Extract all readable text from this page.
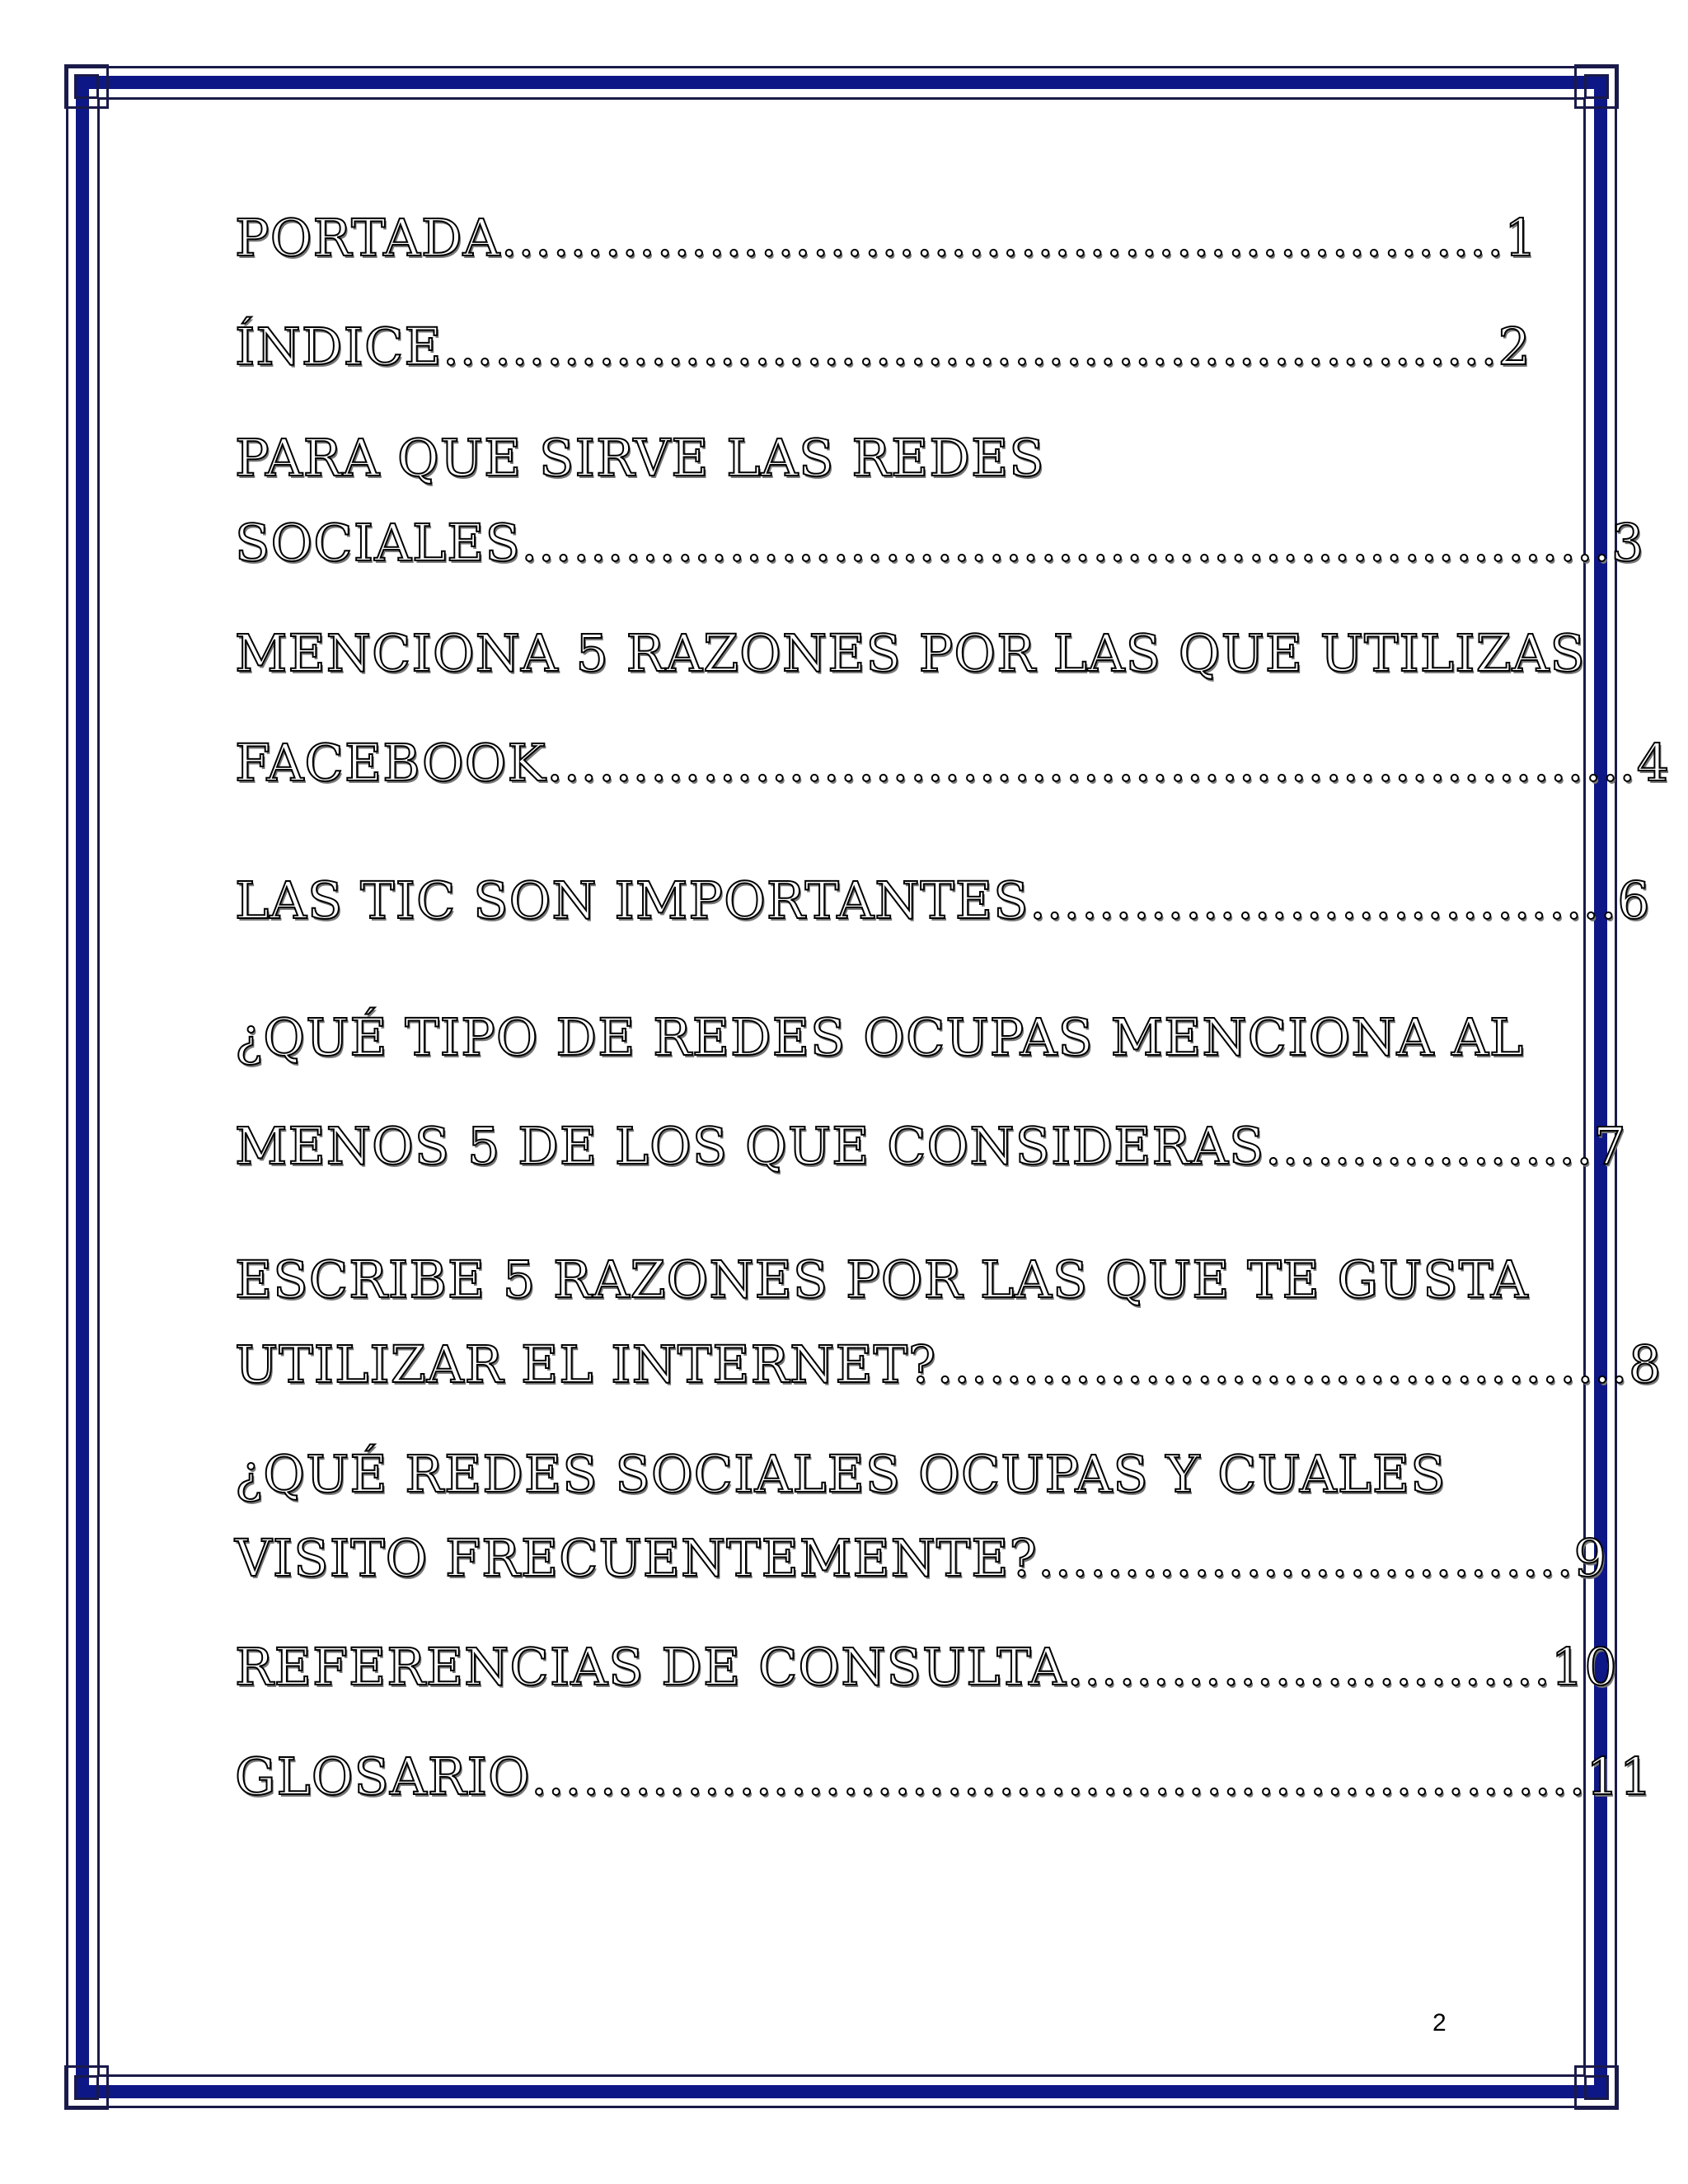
PORTADA………………………………………………….1
ÍNDICE…………………………………………………….2
PARA QUE SIRVE LAS REDES
SOCIALES………………………………………………………3
MENCIONA 5 RAZONES POR LAS QUE UTILIZAS
FACEBOOK………………………………………………………4
LAS TIC SON IMPORTANTES…………………………….6
¿QUÉ TIPO DE REDES OCUPAS MENCIONA AL
MENOS 5 DE LOS QUE CONSIDERAS……………….7
ESCRIBE 5 RAZONES POR LAS QUE TE GUSTA
UTILIZAR EL INTERNET?……………………………….…8
¿QUÉ REDES SOCIALES OCUPAS Y CUALES
VISITO FRECUENTEMENTE?………………………….9
REFERENCIAS DE CONSULTA……………………….10
GLOSARIO…………………………………………………….11
2
